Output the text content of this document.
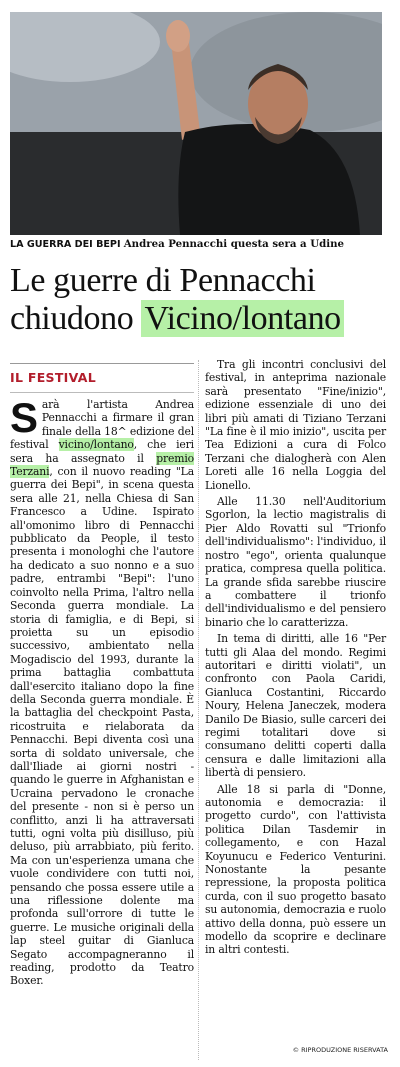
LA GUERRA DEI BEPI Andrea Pennacchi questa sera a Udine
Le guerre di Pennacchi
chiudono Vicino/lontano
IL FESTIVAL

Sarà l'artista Andrea Pennacchi a firmare il gran finale della 18^ edizione del festival vicino/lontano, che ieri sera ha assegnato il premio Terzani, con il nuovo reading "La guerra dei Bepi", in scena questa sera alle 21, nella Chiesa di San Francesco a Udine. Ispirato all'omonimo libro di Pennacchi pubblicato da People, il testo presenta i monologhi che l'autore ha dedicato a suo nonno e a suo padre, entrambi "Bepi": l'uno coinvolto nella Prima, l'altro nella Seconda guerra mondiale. La storia di famiglia, e di Bepi, si proietta su un episodio successivo, ambientato nella Mogadiscio del 1993, durante la prima battaglia combattuta dall'esercito italiano dopo la fine della Seconda guerra mondiale. È la battaglia del checkpoint Pasta, ricostruita e rielaborata da Pennacchi. Bepi diventa così una sorta di soldato universale, che dall'Iliade ai giorni nostri - quando le guerre in Afghanistan e Ucraina pervadono le cronache del presente - non si è perso un conflitto, anzi li ha attraversati tutti, ogni volta più disilluso, più deluso, più arrabbiato, più ferito. Ma con un'esperienza umana che vuole condividere con tutti noi, pensando che possa essere utile a una riflessione dolente ma profonda sull'orrore di tutte le guerre. Le musiche originali della lap steel guitar di Gianluca Segato accompagneranno il reading, prodotto da Teatro Boxer.

Tra gli incontri conclusivi del festival, in anteprima nazionale sarà presentato "Fine/inizio", edizione essenziale di uno dei libri più amati di Tiziano Terzani "La fine è il mio inizio", uscita per Tea Edizioni a cura di Folco Terzani che dialogherà con Alen Loreti alle 16 nella Loggia del Lionello.

Alle 11.30 nell'Auditorium Sgorlon, la lectio magistralis di Pier Aldo Rovatti sul "Trionfo dell'individualismo": l'individuo, il nostro "ego", orienta qualunque pratica, compresa quella politica. La grande sfida sarebbe riuscire a combattere il trionfo dell'individualismo e del pensiero binario che lo caratterizza.

In tema di diritti, alle 16 "Per tutti gli Alaa del mondo. Regimi autoritari e diritti violati", un confronto con Paola Caridi, Gianluca Costantini, Riccardo Noury, Helena Janeczek, modera Danilo De Biasio, sulle carceri dei regimi totalitari dove si consumano delitti coperti dalla censura e dalle limitazioni alla libertà di pensiero.

Alle 18 si parla di "Donne, autonomia e democrazia: il progetto curdo", con l'attivista politica Dilan Tasdemir in collegamento, e con Hazal Koyunucu e Federico Venturini. Nonostante la pesante repressione, la proposta politica curda, con il suo progetto basato su autonomia, democrazia e ruolo attivo della donna, può essere un modello da scoprire e declinare in altri contesti.

© RIPRODUZIONE RISERVATA
